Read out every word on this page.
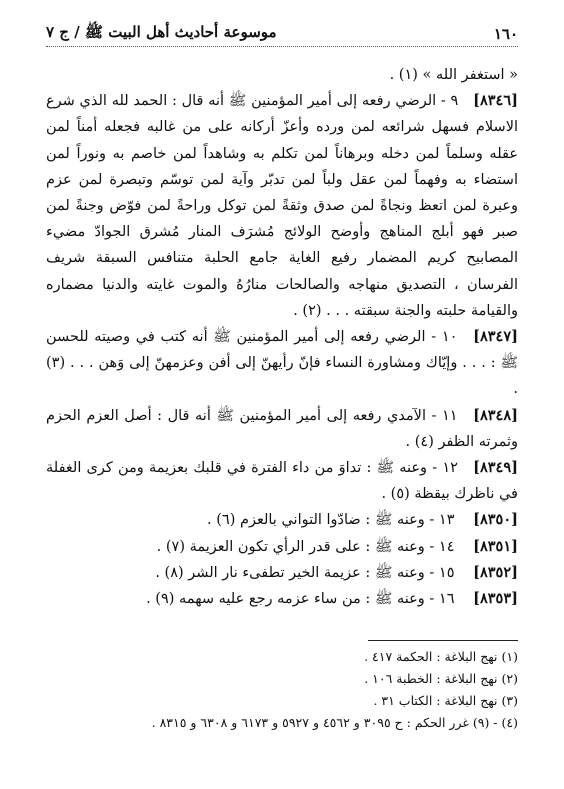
١٦٠
موسوعة أحاديث أهل البيت ﷺ / ج ٧

« استغفر الله » (١) .

[٨٣٤٦] ٩ - الرضي رفعه إلى أمير المؤمنين ﷺ أنه قال : الحمد لله الذي شرع الاسلام فسهل شرائعه لمن ورده وأعزّ أركانه على من غالبه فجعله أمناً لمن عقله وسلماً لمن دخله وبرهاناً لمن تكلم به وشاهداً لمن خاصم به ونوراً لمن استضاء به وفهماً لمن عقل ولباً لمن تدبّر وآية لمن توسّم وتبصرة لمن عزم وعبرة لمن اتعظ ونجاةً لمن صدق وثقةً لمن توكل وراحةً لمن فوّض وجنةً لمن صبر فهو أبلج المناهج وأوضح الولائج مُشرَف المنار مُشرق الجوادّ مضيء المصابيح كريم المضمار رفيع الغاية جامع الحلبة متنافس السبقة شريف الفرسان ، التصديق منهاجه والصالحات منارُهُ والموت غايته والدنيا مضماره والقيامة حلبته والجنة سبقته . . . (٢) .

[٨٣٤٧] ١٠ - الرضي رفعه إلى أمير المؤمنين ﷺ أنه كتب في وصيته للحسن ﷺ : . . . وإيّاك ومشاورة النساء فإنّ رأيهنّ إلى أفن وعزمهنّ إلى وَهن . . . (٣) .

[٨٣٤٨] ١١ - الآمدي رفعه إلى أمير المؤمنين ﷺ أنه قال : أصل العزم الحزم وثمرته الظفر (٤) .

[٨٣٤٩] ١٢ - وعنه ﷺ : تداوَ من داء الفترة في قلبك بعزيمة ومن كرى الغفلة في ناظرك بيقظة (٥) .

[٨٣٥٠] ١٣ - وعنه ﷺ : ضادّوا التواني بالعزم (٦) .

[٨٣٥١] ١٤ - وعنه ﷺ : على قدر الرأي تكون العزيمة (٧) .

[٨٣٥٢] ١٥ - وعنه ﷺ : عزيمة الخير تطفىء نار الشر (٨) .

[٨٣٥٣] ١٦ - وعنه ﷺ : من ساء عزمه رجع عليه سهمه (٩) .

(١) نهج البلاغة : الحكمة ٤١٧ .

(٢) نهج البلاغة : الخطبة ١٠٦ .

(٣) نهج البلاغة : الكتاب ٣١ .

(٤) - (٩) غرر الحكم : ح ٣٠٩٥ و ٤٥٦٢ و ٥٩٢٧ و ٦١٧٣ و ٦٣٠٨ و ٨٣١٥ .
